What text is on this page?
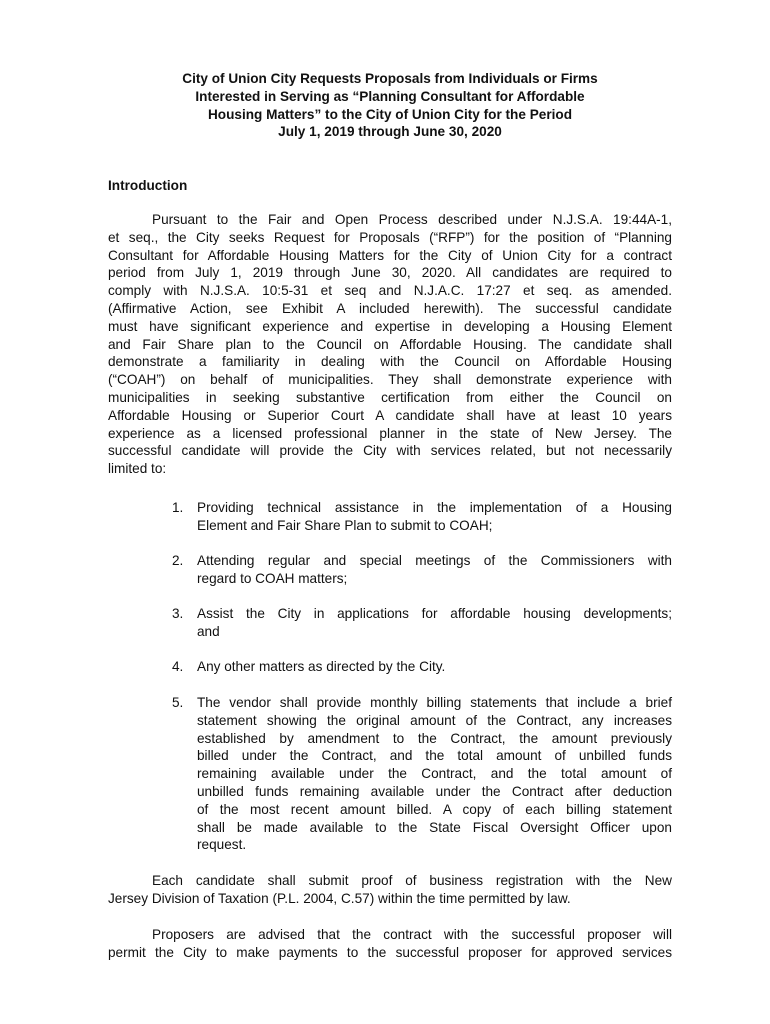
City of Union City Requests Proposals from Individuals or Firms
Interested in Serving as “Planning Consultant for Affordable
Housing Matters” to the City of Union City for the Period
July 1, 2019 through June 30, 2020
Introduction

Pursuant to the Fair and Open Process described under N.J.S.A. 19:44A-1,
et seq., the City seeks Request for Proposals (“RFP”) for the position of “Planning
Consultant for Affordable Housing Matters for the City of Union City for a contract
period from July 1, 2019 through June 30, 2020. All candidates are required to
comply with N.J.S.A. 10:5-31 et seq and N.J.A.C. 17:27 et seq. as amended.
(Affirmative Action, see Exhibit A included herewith). The successful candidate
must have significant experience and expertise in developing a Housing Element
and Fair Share plan to the Council on Affordable Housing. The candidate shall
demonstrate a familiarity in dealing with the Council on Affordable Housing
(“COAH”) on behalf of municipalities. They shall demonstrate experience with
municipalities in seeking substantive certification from either the Council on
Affordable Housing or Superior Court A candidate shall have at least 10 years
experience as a licensed professional planner in the state of New Jersey. The
successful candidate will provide the City with services related, but not necessarily
limited to:

1. Providing technical assistance in the implementation of a Housing
Element and Fair Share Plan to submit to COAH;
2. Attending regular and special meetings of the Commissioners with
regard to COAH matters;
3. Assist the City in applications for affordable housing developments;
and
4. Any other matters as directed by the City.
5. The vendor shall provide monthly billing statements that include a brief
statement showing the original amount of the Contract, any increases
established by amendment to the Contract, the amount previously
billed under the Contract, and the total amount of unbilled funds
remaining available under the Contract, and the total amount of
unbilled funds remaining available under the Contract after deduction
of the most recent amount billed. A copy of each billing statement
shall be made available to the State Fiscal Oversight Officer upon
request.

Each candidate shall submit proof of business registration with the New
Jersey Division of Taxation (P.L. 2004, C.57) within the time permitted by law.

Proposers are advised that the contract with the successful proposer will
permit the City to make payments to the successful proposer for approved services
